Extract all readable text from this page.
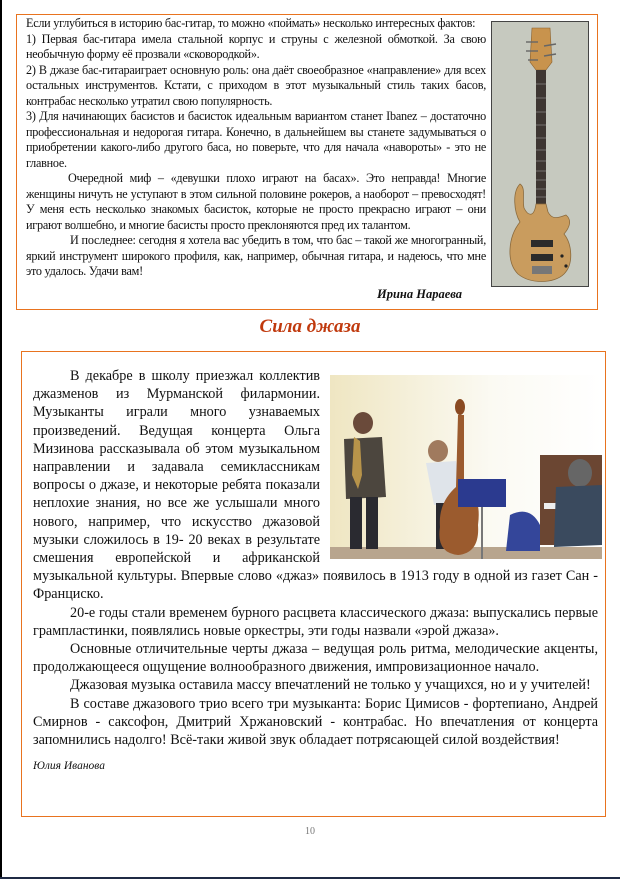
Если углубиться в историю бас-гитар, то можно «поймать» несколько интересных фактов:

1) Первая бас-гитара имела стальной корпус и струны с железной обмоткой. За свою необычную форму её прозвали «сковородкой».

2) В джазе бас-гитараиграет основную роль: она даёт своеобразное «направление» для всех остальных инструментов. Кстати, с приходом в этот музыкальный стиль таких басов, контрабас несколько утратил свою популярность.

3) Для начинающих басистов и басисток идеальным вариантом станет Ibanez – достаточно профессиональная и недорогая гитара. Конечно, в дальнейшем вы станете задумываться о приобретении какого-либо другого баса, но поверьте, что для начала «навороты» - это не главное.

Очередной миф – «девушки плохо играют на басах». Это неправда! Многие женщины ничуть не уступают в этом сильной половине рокеров, а наоборот – превосходят! У меня есть несколько знакомых басисток, которые не просто прекрасно играют – они играют волшебно, и многие басисты просто преклоняются пред их талантом.

И последнее: сегодня я хотела вас убедить в том, что бас – такой же многогранный, яркий инструмент широкого профиля, как, например, обычная гитара, и надеюсь, что мне это удалось. Удачи вам!

Ирина Нараева
Сила джаза

В декабре в школу приезжал коллектив джазменов из Мурманской филармонии. Музыканты играли много узнаваемых произведений. Ведущая концерта Ольга Мизинова рассказывала об этом музыкальном направлении и задавала семиклассникам вопросы о джазе, и некоторые ребята показали неплохие знания, но все же услышали много нового, например, что искусство джазовой музыки сложилось в 19- 20 веках в результате смешения европейской и африканской музыкальной культуры. Впервые слово «джаз» появилось в 1913 году в одной из газет Сан - Франциско.

20-е годы стали временем бурного расцвета классического джаза: выпускались первые грампластинки, появлялись новые оркестры, эти годы назвали «эрой джаза».

Основные отличительные черты джаза – ведущая роль ритма, мелодические акценты, продолжающееся ощущение волнообразного движения, импровизационное начало.

Джазовая музыка оставила массу впечатлений не только у учащихся, но и у учителей!

В составе джазового трио всего три музыканта: Борис Цимисов - фортепиано, Андрей Смирнов - саксофон, Дмитрий Хржановский - контрабас. Но впечатления от концерта запомнились надолго! Всё-таки живой звук обладает потрясающей силой воздействия!

Юлия Иванова

10
